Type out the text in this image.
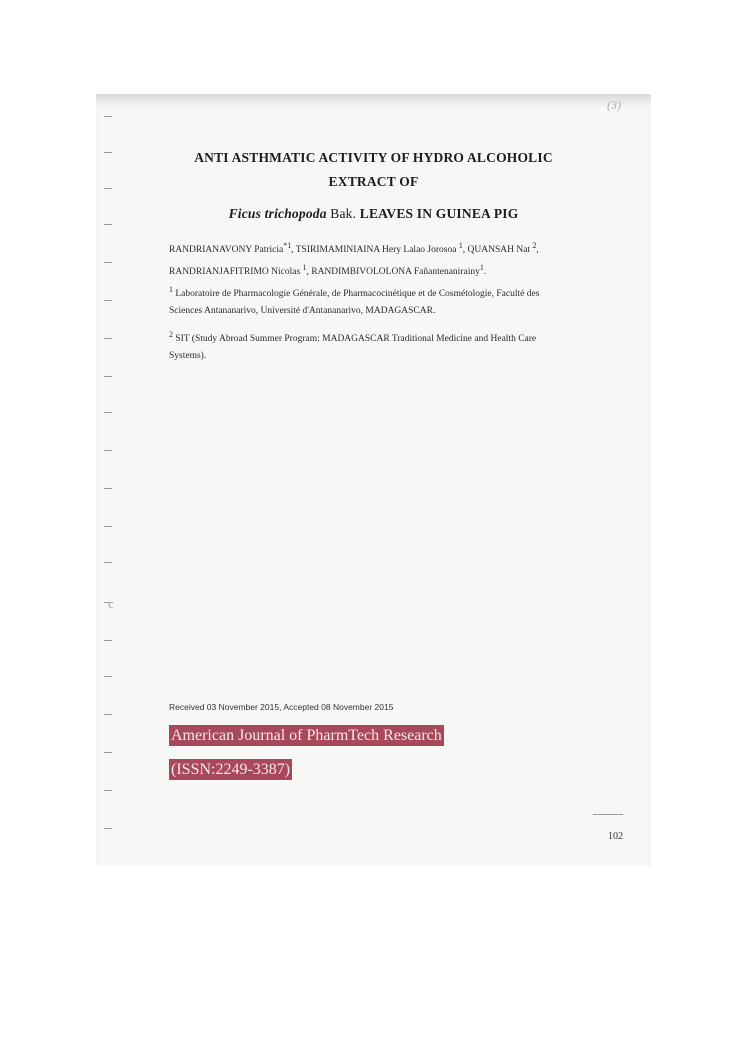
(3)
c
ANTI ASTHMATIC ACTIVITY OF HYDRO ALCOHOLIC
EXTRACT OF
Ficus trichopoda Bak. LEAVES IN GUINEA PIG
RANDRIANAVONY Patricia$^{*1}$, TSIRIMAMINIAINA Hery Lalao Jorosoa $^1$, QUANSAH Nat $^2$, RANDRIANJAFITRIMO Nicolas $^1$, RANDIMBIVOLOLONA Fañantenanirainy$^1$.
$^1$ Laboratoire de Pharmacologie Générale, de Pharmacocinétique et de Cosmétologie, Faculté des Sciences Antananarivo, Université d'Antananarivo, MADAGASCAR.
$^2$ SIT (Study Abroad Summer Program: MADAGASCAR Traditional Medicine and Health Care Systems).
Received 03 November 2015, Accepted 08 November 2015
American Journal of PharmTech Research
(ISSN:2249-3387)
102
